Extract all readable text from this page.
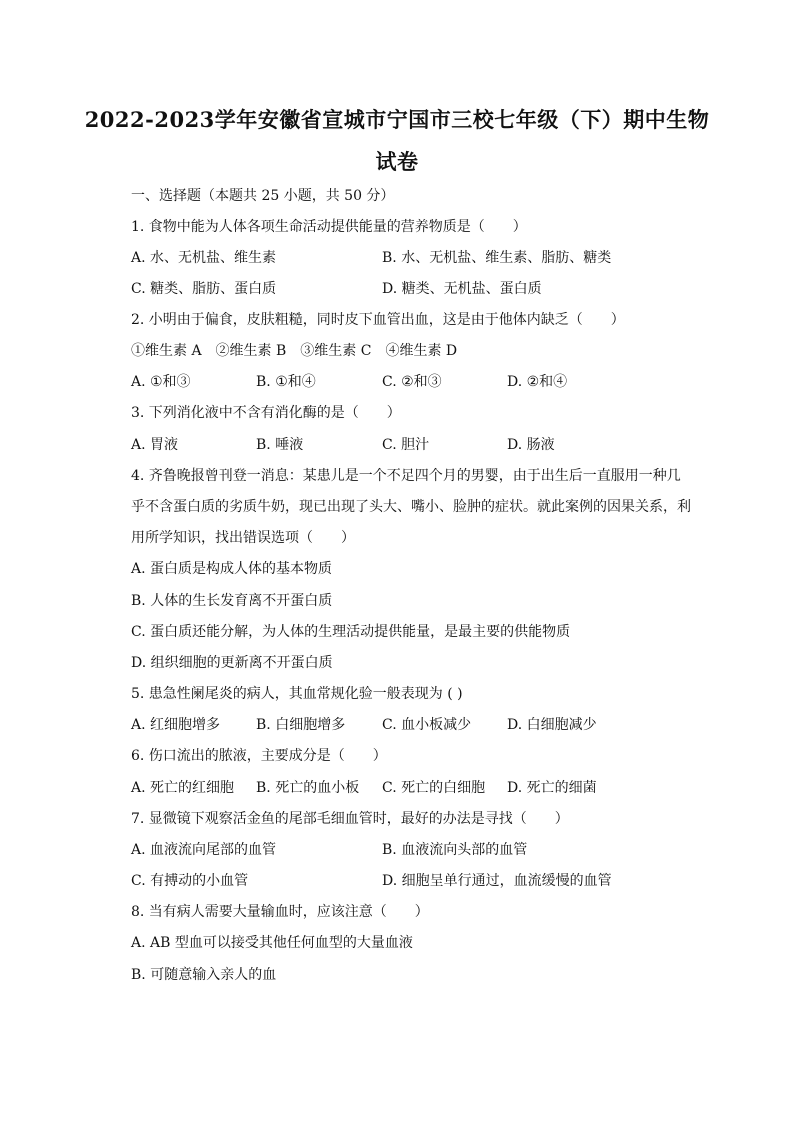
2022-2023学年安徽省宣城市宁国市三校七年级（下）期中生物
试卷
一、选择题（本题共 25 小题，共 50 分）
1. 食物中能为人体各项生命活动提供能量的营养物质是（　　）
A. 水、无机盐、维生素	B. 水、无机盐、维生素、脂肪、糖类
C. 糖类、脂肪、蛋白质	D. 糖类、无机盐、蛋白质
2. 小明由于偏食，皮肤粗糙，同时皮下血管出血，这是由于他体内缺乏（　　）
①维生素 A　②维生素 B　③维生素 C　④维生素 D
A. ①和③	B. ①和④	C. ②和③	D. ②和④
3. 下列消化液中不含有消化酶的是（　　）
A. 胃液	B. 唾液	C. 胆汁	D. 肠液
4. 齐鲁晚报曾刊登一消息：某患儿是一个不足四个月的男婴，由于出生后一直服用一种几
乎不含蛋白质的劣质牛奶，现已出现了头大、嘴小、脸肿的症状。就此案例的因果关系，利
用所学知识，找出错误选项（　　）
A. 蛋白质是构成人体的基本物质
B. 人体的生长发育离不开蛋白质
C. 蛋白质还能分解，为人体的生理活动提供能量，是最主要的供能物质
D. 组织细胞的更新离不开蛋白质
5. 患急性阑尾炎的病人，其血常规化验一般表现为 ( )
A. 红细胞增多	B. 白细胞增多	C. 血小板减少	D. 白细胞减少
6. 伤口流出的脓液，主要成分是（　　）
A. 死亡的红细胞 B. 死亡的血小板 C. 死亡的白细胞 D. 死亡的细菌
7. 显微镜下观察活金鱼的尾部毛细血管时，最好的办法是寻找（　　）
A. 血液流向尾部的血管	B. 血液流向头部的血管
C. 有搏动的小血管	D. 细胞呈单行通过，血流缓慢的血管
8. 当有病人需要大量输血时，应该注意（　　）
A. AB 型血可以接受其他任何血型的大量血液
B. 可随意输入亲人的血
